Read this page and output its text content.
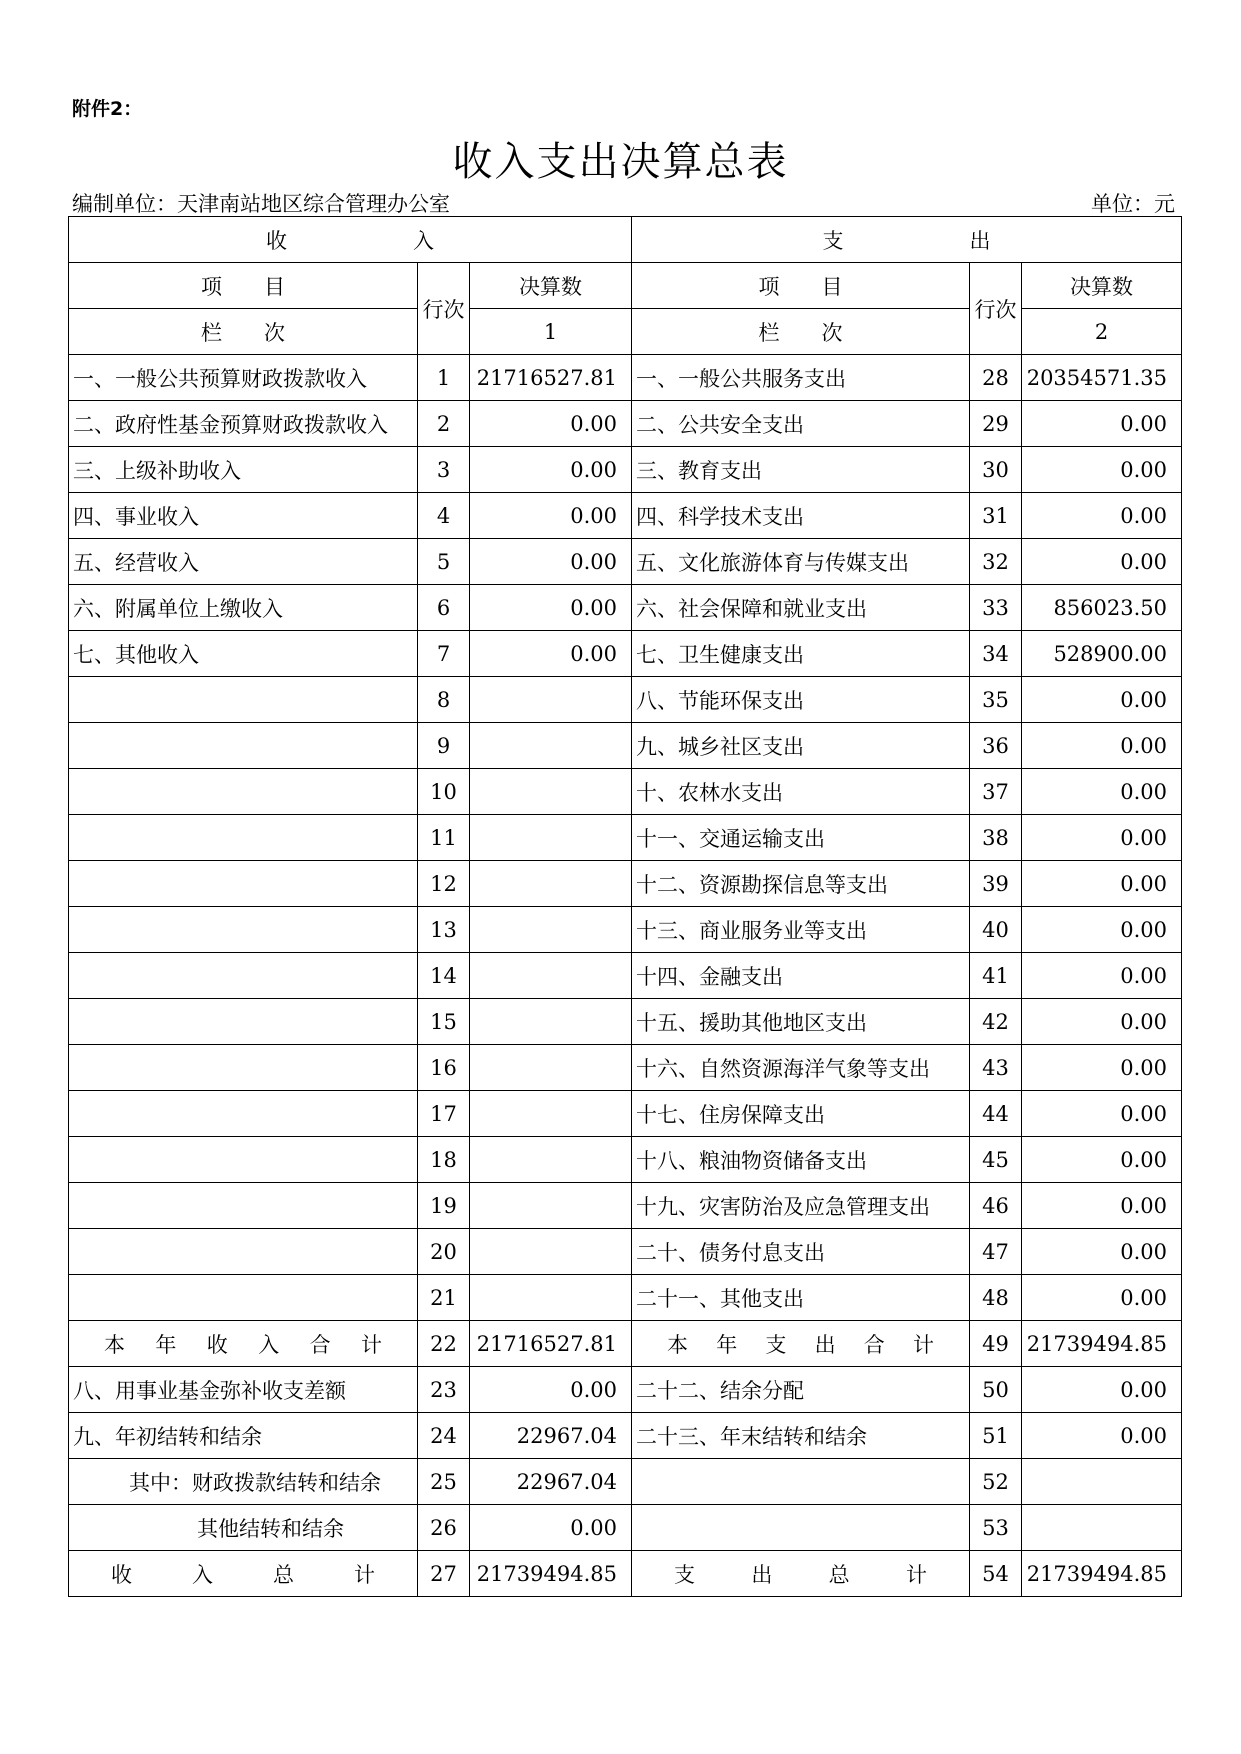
附件2：
收入支出决算总表
编制单位：天津南站地区综合管理办公室	单位：元
收　　　　　　入			支　　　　　　出		
项　　目	行次	决算数	项　　目	行次	决算数
栏　　次		1	栏　　次		2
一、一般公共预算财政拨款收入	1	21716527.81	一、一般公共服务支出	28	20354571.35
二、政府性基金预算财政拨款收入	2	0.00	二、公共安全支出	29	0.00
三、上级补助收入	3	0.00	三、教育支出	30	0.00
四、事业收入	4	0.00	四、科学技术支出	31	0.00
五、经营收入	5	0.00	五、文化旅游体育与传媒支出	32	0.00
六、附属单位上缴收入	6	0.00	六、社会保障和就业支出	33	856023.50
七、其他收入	7	0.00	七、卫生健康支出	34	528900.00
	8		八、节能环保支出	35	0.00
	9		九、城乡社区支出	36	0.00
	10		十、农林水支出	37	0.00
	11		十一、交通运输支出	38	0.00
	12		十二、资源勘探信息等支出	39	0.00
	13		十三、商业服务业等支出	40	0.00
	14		十四、金融支出	41	0.00
	15		十五、援助其他地区支出	42	0.00
	16		十六、自然资源海洋气象等支出	43	0.00
	17		十七、住房保障支出	44	0.00
	18		十八、粮油物资储备支出	45	0.00
	19		十九、灾害防治及应急管理支出	46	0.00
	20		二十、债务付息支出	47	0.00
	21		二十一、其他支出	48	0.00
本年收入合计	22	21716527.81	本年支出合计	49	21739494.85
八、用事业基金弥补收支差额	23	0.00	二十二、结余分配	50	0.00
九、年初结转和结余	24	22967.04	二十三、年末结转和结余	51	0.00
其中：财政拨款结转和结余	25	22967.04		52	
其他结转和结余	26	0.00		53	
收入总计	27	21739494.85	支出总计	54	21739494.85
